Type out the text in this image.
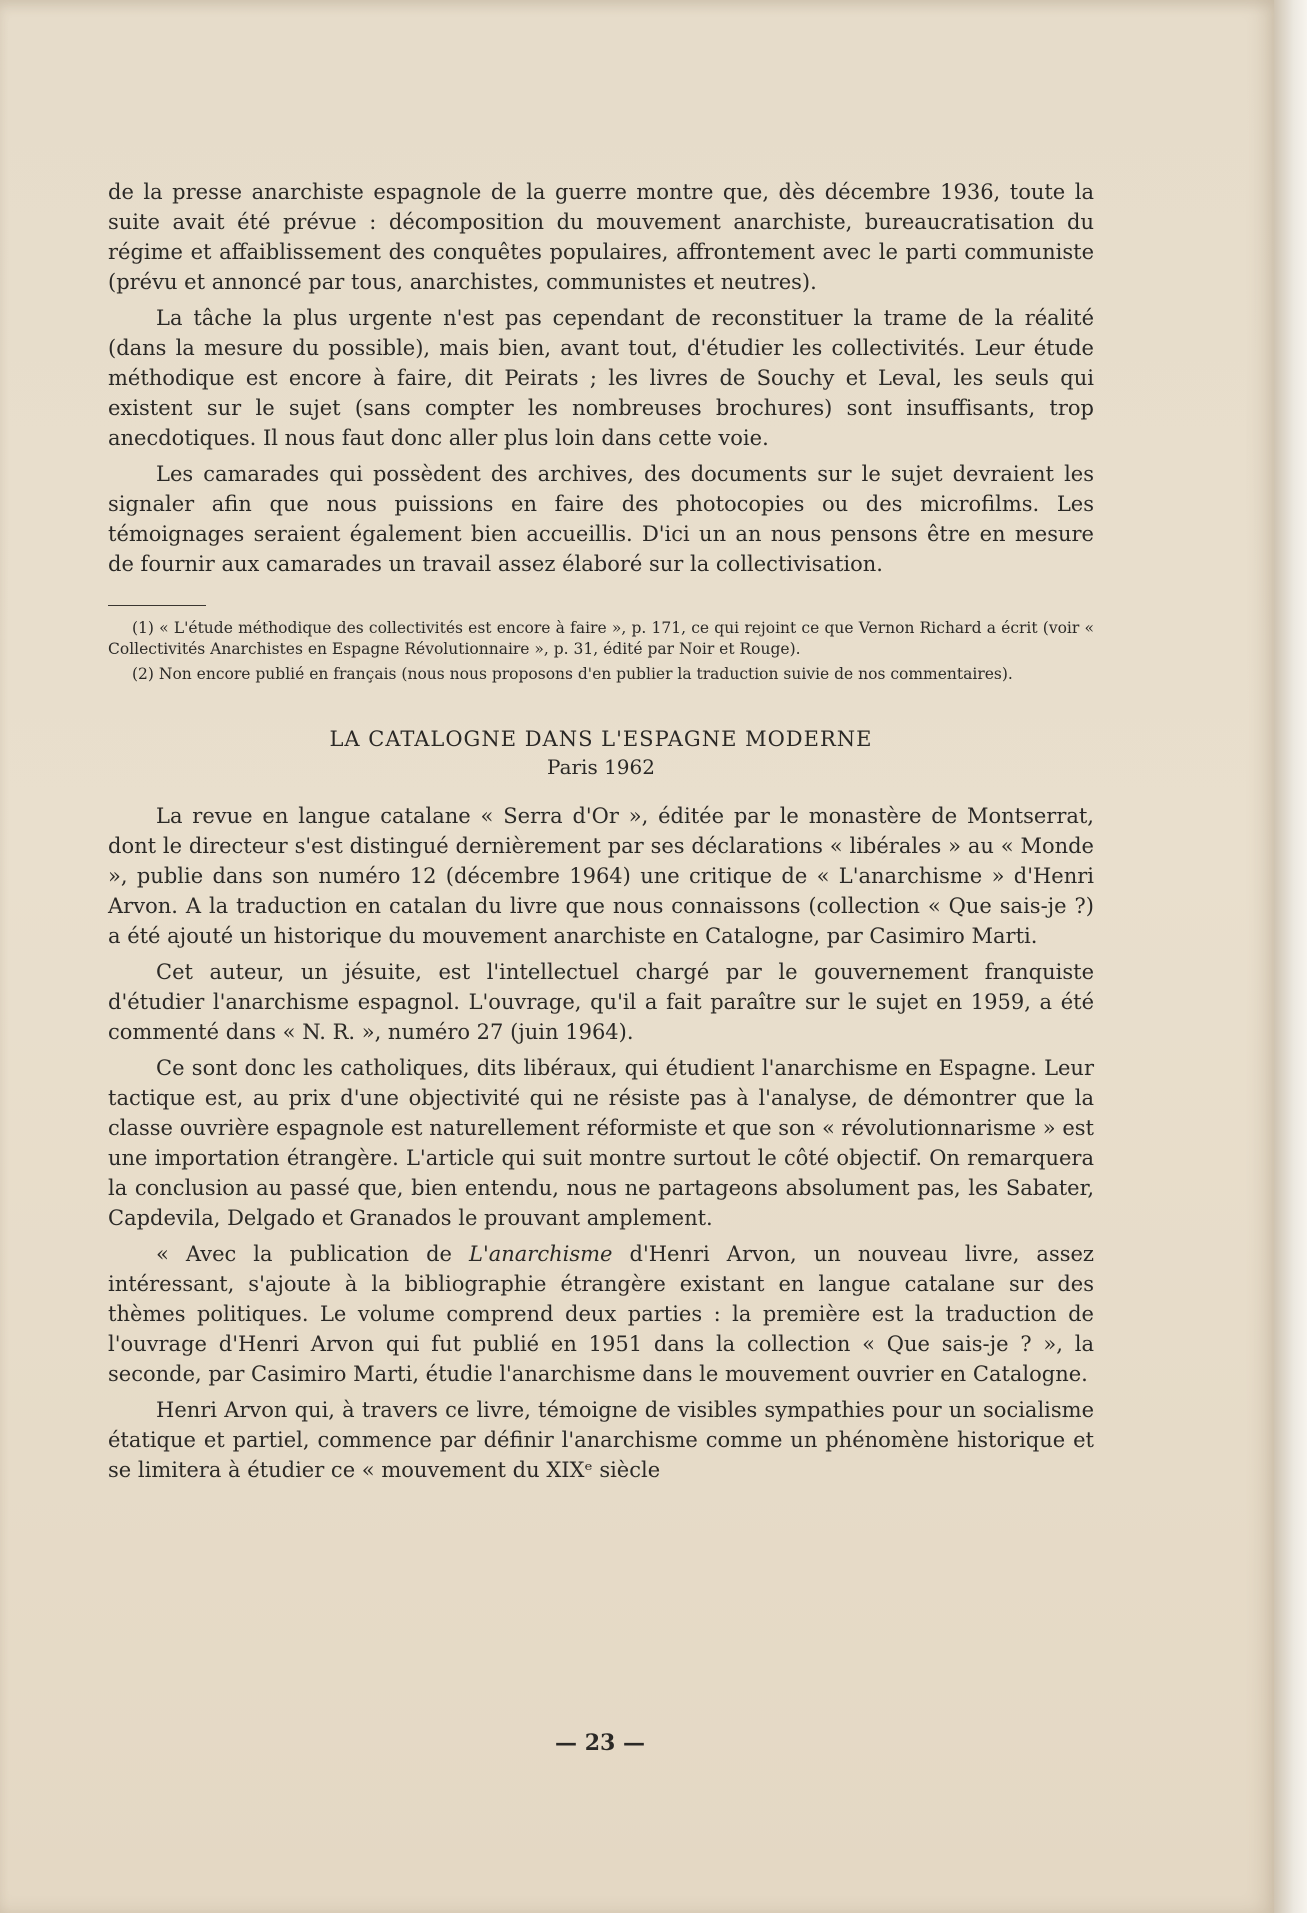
de la presse anarchiste espagnole de la guerre montre que, dès décembre 1936, toute la suite avait été prévue : décomposition du mouvement anarchiste, bureaucratisation du régime et affaiblissement des conquêtes populaires, affrontement avec le parti communiste (prévu et annoncé par tous, anarchistes, communistes et neutres).

La tâche la plus urgente n'est pas cependant de reconstituer la trame de la réalité (dans la mesure du possible), mais bien, avant tout, d'étudier les collectivités. Leur étude méthodique est encore à faire, dit Peirats ; les livres de Souchy et Leval, les seuls qui existent sur le sujet (sans compter les nombreuses brochures) sont insuffisants, trop anecdotiques. Il nous faut donc aller plus loin dans cette voie.

Les camarades qui possèdent des archives, des documents sur le sujet devraient les signaler afin que nous puissions en faire des photocopies ou des microfilms. Les témoignages seraient également bien accueillis. D'ici un an nous pensons être en mesure de fournir aux camarades un travail assez élaboré sur la collectivisation.

(1) « L'étude méthodique des collectivités est encore à faire », p. 171, ce qui rejoint ce que Vernon Richard a écrit (voir « Collectivités Anarchistes en Espagne Révolutionnaire », p. 31, édité par Noir et Rouge).

(2) Non encore publié en français (nous nous proposons d'en publier la traduction suivie de nos commentaires).

LA CATALOGNE DANS L'ESPAGNE MODERNE
Paris 1962

La revue en langue catalane « Serra d'Or », éditée par le monastère de Montserrat, dont le directeur s'est distingué dernièrement par ses déclarations « libérales » au « Monde », publie dans son numéro 12 (décembre 1964) une critique de « L'anarchisme » d'Henri Arvon. A la traduction en catalan du livre que nous connaissons (collection « Que sais-je ?) a été ajouté un historique du mouvement anarchiste en Catalogne, par Casimiro Marti.

Cet auteur, un jésuite, est l'intellectuel chargé par le gouvernement franquiste d'étudier l'anarchisme espagnol. L'ouvrage, qu'il a fait paraître sur le sujet en 1959, a été commenté dans « N. R. », numéro 27 (juin 1964).

Ce sont donc les catholiques, dits libéraux, qui étudient l'anarchisme en Espagne. Leur tactique est, au prix d'une objectivité qui ne résiste pas à l'analyse, de démontrer que la classe ouvrière espagnole est naturellement réformiste et que son « révolutionnarisme » est une importation étrangère. L'article qui suit montre surtout le côté objectif. On remarquera la conclusion au passé que, bien entendu, nous ne partageons absolument pas, les Sabater, Capdevila, Delgado et Granados le prouvant amplement.

« Avec la publication de L'anarchisme d'Henri Arvon, un nouveau livre, assez intéressant, s'ajoute à la bibliographie étrangère existant en langue catalane sur des thèmes politiques. Le volume comprend deux parties : la première est la traduction de l'ouvrage d'Henri Arvon qui fut publié en 1951 dans la collection « Que sais-je ? », la seconde, par Casimiro Marti, étudie l'anarchisme dans le mouvement ouvrier en Catalogne.

Henri Arvon qui, à travers ce livre, témoigne de visibles sympathies pour un socialisme étatique et partiel, commence par définir l'anarchisme comme un phénomène historique et se limitera à étudier ce « mouvement du XIXᵉ siècle

— 23 —
